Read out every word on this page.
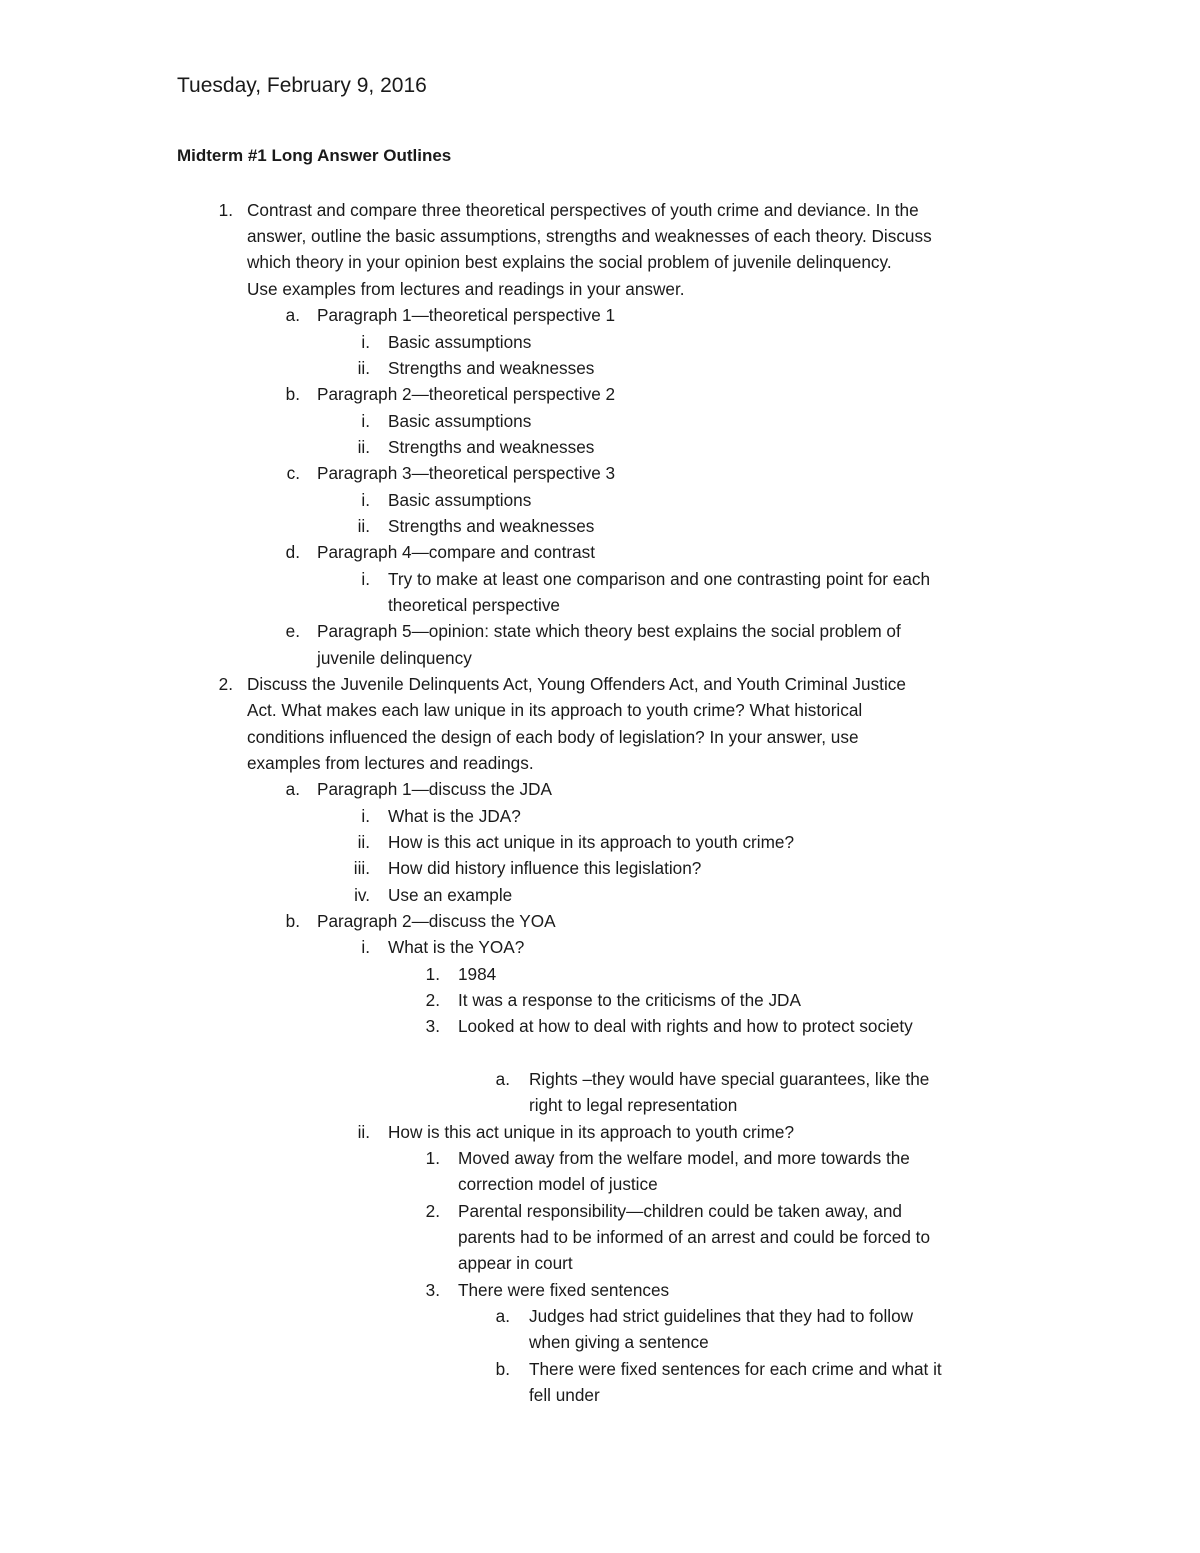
Tuesday, February 9, 2016
Midterm #1 Long Answer Outlines
1. Contrast and compare three theoretical perspectives of youth crime and deviance. In the
answer, outline the basic assumptions, strengths and weaknesses of each theory. Discuss
which theory in your opinion best explains the social problem of juvenile delinquency.
Use examples from lectures and readings in your answer.
a. Paragraph 1—theoretical perspective 1
i. Basic assumptions
ii. Strengths and weaknesses
b. Paragraph 2—theoretical perspective 2
i. Basic assumptions
ii. Strengths and weaknesses
c. Paragraph 3—theoretical perspective 3
i. Basic assumptions
ii. Strengths and weaknesses
d. Paragraph 4—compare and contrast
i. Try to make at least one comparison and one contrasting point for each
theoretical perspective
e. Paragraph 5—opinion: state which theory best explains the social problem of
juvenile delinquency
2. Discuss the Juvenile Delinquents Act, Young Offenders Act, and Youth Criminal Justice
Act. What makes each law unique in its approach to youth crime? What historical
conditions influenced the design of each body of legislation? In your answer, use
examples from lectures and readings.
a. Paragraph 1—discuss the JDA
i. What is the JDA?
ii. How is this act unique in its approach to youth crime?
iii. How did history influence this legislation?
iv. Use an example
b. Paragraph 2—discuss the YOA
i. What is the YOA?
1. 1984
2. It was a response to the criticisms of the JDA
3. Looked at how to deal with rights and how to protect society
a. Rights –they would have special guarantees, like the
right to legal representation
ii. How is this act unique in its approach to youth crime?
1. Moved away from the welfare model, and more towards the
correction model of justice
2. Parental responsibility—children could be taken away, and
parents had to be informed of an arrest and could be forced to
appear in court
3. There were fixed sentences
a. Judges had strict guidelines that they had to follow
when giving a sentence
b. There were fixed sentences for each crime and what it
fell under
